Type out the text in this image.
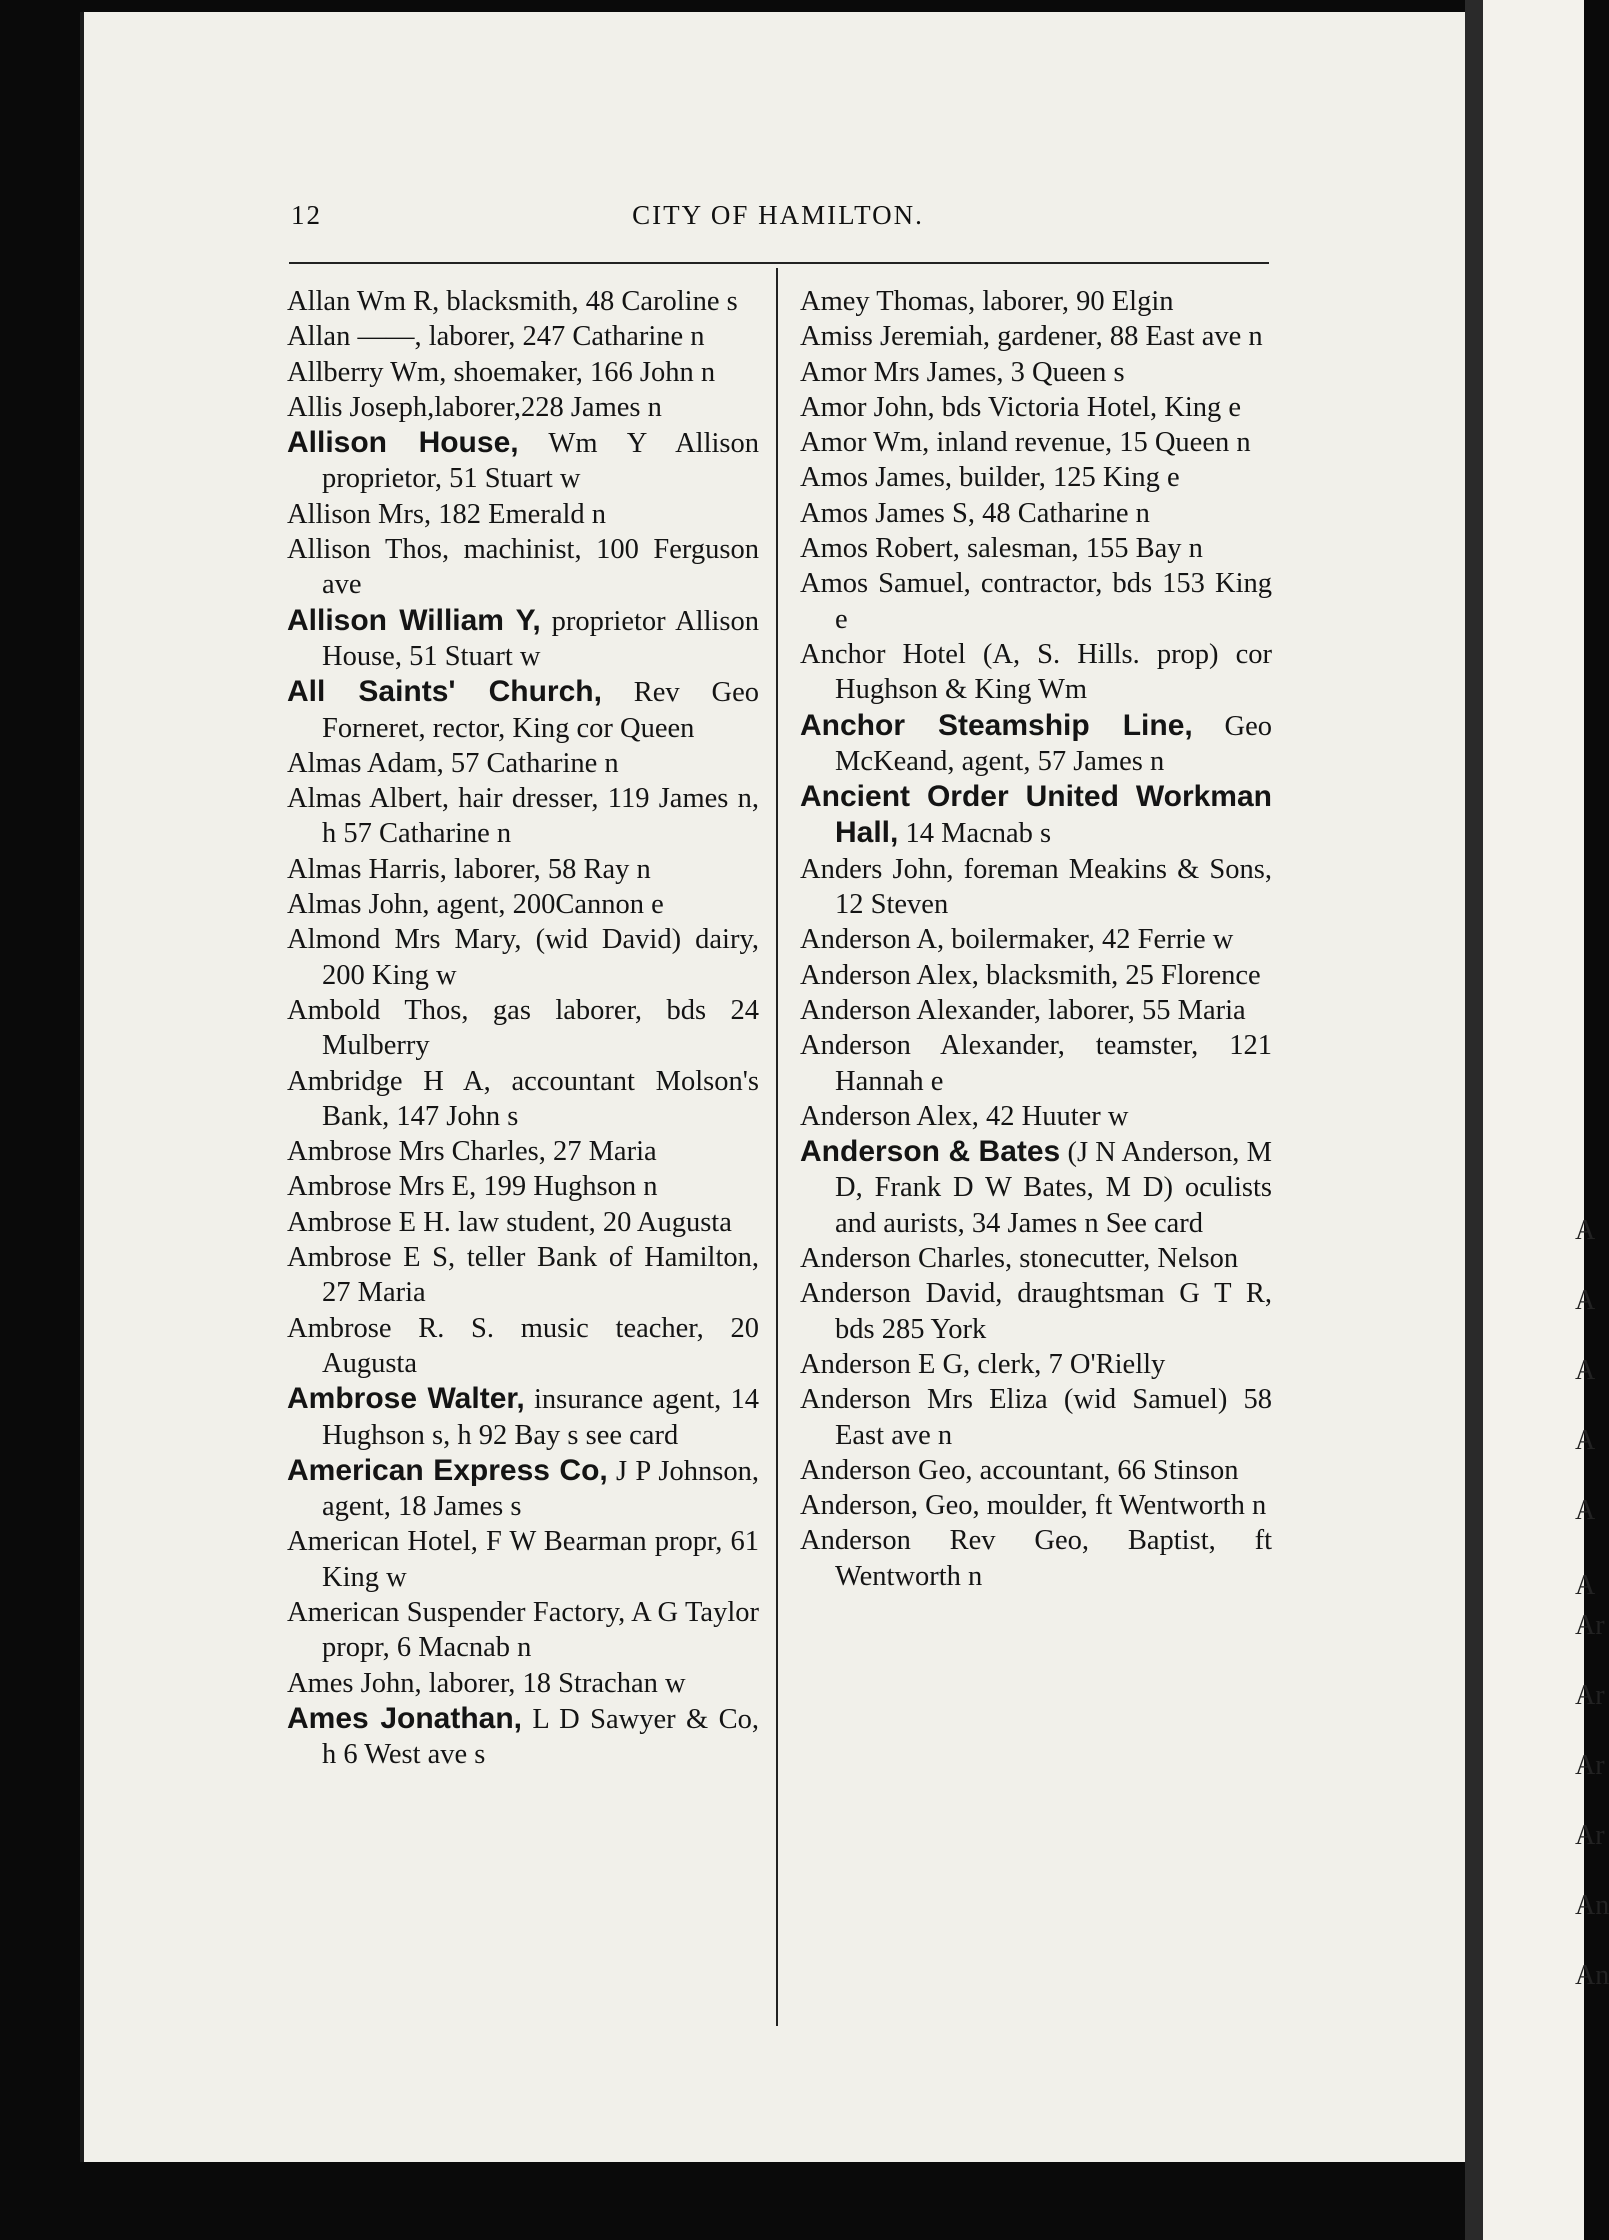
A
A
A
A
A
A
Ar
Ar
Ar
Ar
An
An
12	CITY OF HAMILTON.
Allan Wm R, blacksmith, 48 Caroline s
Allan ——, laborer, 247 Catharine n
Allberry Wm, shoemaker, 166 John n
Allis Joseph,laborer,228 James n
Allison House, Wm Y Allison proprietor, 51 Stuart w
Allison Mrs, 182 Emerald n
Allison Thos, machinist, 100 Ferguson ave
Allison William Y, proprietor Allison House, 51 Stuart w
All Saints' Church, Rev Geo Forneret, rector, King cor Queen
Almas Adam, 57 Catharine n
Almas Albert, hair dresser, 119 James n, h 57 Catharine n
Almas Harris, laborer, 58 Ray n
Almas John, agent, 200Cannon e
Almond Mrs Mary, (wid David) dairy, 200 King w
Ambold Thos, gas laborer, bds 24 Mulberry
Ambridge H A, accountant Molson's Bank, 147 John s
Ambrose Mrs Charles, 27 Maria
Ambrose Mrs E, 199 Hughson n
Ambrose E H. law student, 20 Augusta
Ambrose E S, teller Bank of Hamilton, 27 Maria
Ambrose R. S. music teacher, 20 Augusta
Ambrose Walter, insurance agent, 14 Hughson s, h 92 Bay s see card
American Express Co, J P Johnson, agent, 18 James s
American Hotel, F W Bearman propr, 61 King w
American Suspender Factory, A G Taylor propr, 6 Macnab n
Ames John, laborer, 18 Strachan w
Ames Jonathan, L D Sawyer & Co, h 6 West ave s
Amey Thomas, laborer, 90 Elgin
Amiss Jeremiah, gardener, 88 East ave n
Amor Mrs James, 3 Queen s
Amor John, bds Victoria Hotel, King e
Amor Wm, inland revenue, 15 Queen n
Amos James, builder, 125 King e
Amos James S, 48 Catharine n
Amos Robert, salesman, 155 Bay n
Amos Samuel, contractor, bds 153 King e
Anchor Hotel (A, S. Hills. prop) cor Hughson & King Wm
Anchor Steamship Line, Geo McKeand, agent, 57 James n
Ancient Order United Workman Hall, 14 Macnab s
Anders John, foreman Meakins & Sons, 12 Steven
Anderson A, boilermaker, 42 Ferrie w
Anderson Alex, blacksmith, 25 Florence
Anderson Alexander, laborer, 55 Maria
Anderson Alexander, teamster, 121 Hannah e
Anderson Alex, 42 Huuter w
Anderson & Bates (J N Anderson, M D, Frank D W Bates, M D) oculists and aurists, 34 James n See card
Anderson Charles, stonecutter, Nelson
Anderson David, draughtsman G T R, bds 285 York
Anderson E G, clerk, 7 O'Rielly
Anderson Mrs Eliza (wid Samuel) 58 East ave n
Anderson Geo, accountant, 66 Stinson
Anderson, Geo, moulder, ft Wentworth n
Anderson Rev Geo, Baptist, ft Wentworth n
